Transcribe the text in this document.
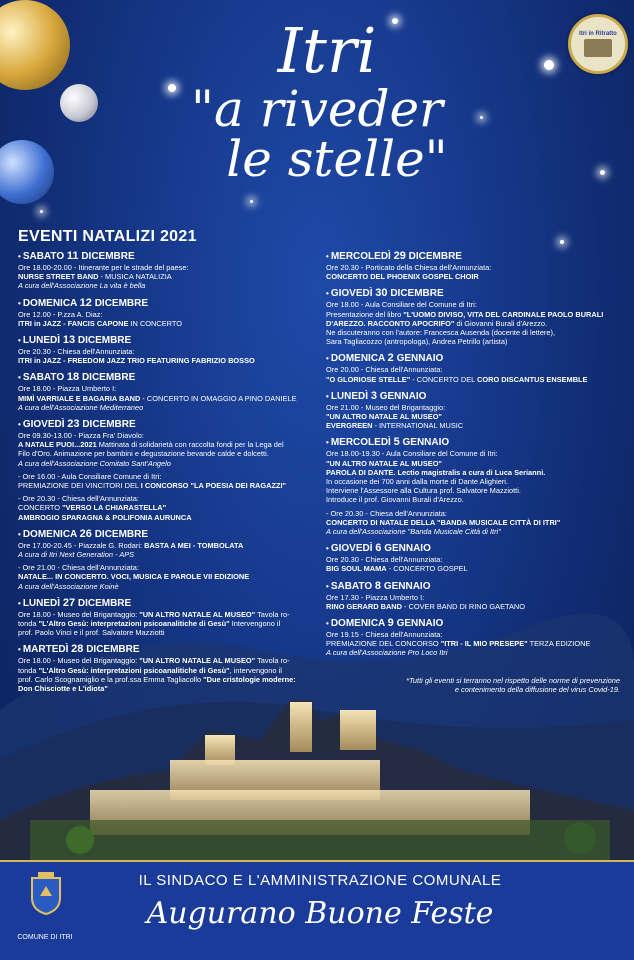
Itri in Ritratto
Itri
"a riveder
le stelle"
EVENTI NATALIZI 2021
• SABATO 11 DICEMBRE
Ore 18.00-20.00 - Itinerante per le strade del paese:
NURSE STREET BAND - MUSICA NATALIZIA
A cura dell'Associazione La vita è bella
• DOMENICA 12 DICEMBRE
Ore 12.00 - P.zza A. Diaz:
ITRI in JAZZ - FANCIS CAPONE IN CONCERTO
• LUNEDÌ 13 DICEMBRE
Ore 20.30 - Chiesa dell'Annunziata:
ITRI in JAZZ - FREEDOM JAZZ TRIO FEATURING FABRIZIO BOSSO
• SABATO 18 DICEMBRE
Ore 18.00 - Piazza Umberto I:
MIMÌ VARRIALE E BAGARIA BAND - CONCERTO IN OMAGGIO A PINO DANIELE
A cura dell'Associazione Mediterraneo
• GIOVEDÌ 23 DICEMBRE
Ore 09.30-13.00 - Piazza Fra' Diavolo:
A NATALE PUOI...2021 Mattinata di solidarietà con raccolta fondi per la Lega del
Filo d'Oro. Animazione per bambini e degustazione bevande calde e dolcetti.
A cura dell'Associazione Comitato Sant'Angelo
- Ore 16.00 - Aula Consiliare Comune di Itri:
PREMIAZIONE DEI VINCITORI DEL I CONCORSO "LA POESIA DEI RAGAZZI"
- Ore 20.30 - Chiesa dell'Annunziata:
CONCERTO "VERSO LA CHIARASTELLA"
AMBROGIO SPARAGNA & POLIFONIA AURUNCA
• DOMENICA 26 DICEMBRE
Ore 17.00-20.45 - Piazzale G. Rodari: BASTA A MEI - TOMBOLATA
A cura di Itri Next Generation - APS
- Ore 21.00 - Chiesa dell'Annunziata:
NATALE... IN CONCERTO. VOCI, MUSICA E PAROLE VII EDIZIONE
A cura dell'Associazione Koinè
• LUNEDÌ 27 DICEMBRE
Ore 18.00 - Museo del Brigantaggio: "UN ALTRO NATALE AL MUSEO" Tavola ro-
tonda "L'Altro Gesù: interpretazioni psicoanalitiche di Gesù" Intervengono il
prof. Paolo Vinci e il prof. Salvatore Mazziotti
• MARTEDÌ 28 DICEMBRE
Ore 18.00 - Museo del Brigantaggio: "UN ALTRO NATALE AL MUSEO" Tavola ro-
tonda "L'Altro Gesù: interpretazioni psicoanalitiche di Gesù", intervengono il
prof. Carlo Scognamiglio e la prof.ssa Emma Tagliacollo "Due cristologie moderne:
Don Chisciotte e L'idiota"
• MERCOLEDÌ 29 DICEMBRE
Ore 20.30 - Porticato della Chiesa dell'Annunziata:
CONCERTO DEL PHOENIX GOSPEL CHOIR
• GIOVEDÌ 30 DICEMBRE
Ore 18.00 - Aula Consiliare del Comune di Itri:
Presentazione del libro "L'UOMO DIVISO, VITA DEL CARDINALE PAOLO BURALI
D'AREZZO. RACCONTO APOCRIFO" di Giovanni Burali d'Arezzo.
Ne discuteranno con l'autore: Francesca Ausenda (docente di lettere),
Sara Tagliacozzo (antropologa), Andrea Petrillo (artista)
• DOMENICA 2 GENNAIO
Ore 20.00 - Chiesa dell'Annunziata:
"O GLORIOSE STELLE" - CONCERTO DEL CORO DISCANTUS ENSEMBLE
• LUNEDÌ 3 GENNAIO
Ore 21.00 - Museo del Brigantaggio:
"UN ALTRO NATALE AL MUSEO"
EVERGREEN - INTERNATIONAL MUSIC
• MERCOLEDÌ 5 GENNAIO
Ore 18.00-19.30 - Aula Consiliare del Comune di Itri:
"UN ALTRO NATALE AL MUSEO"
PAROLA DI DANTE. Lectio magistralis a cura di Luca Serianni.
In occasione dei 700 anni dalla morte di Dante Alighieri.
Interviene l'Assessore alla Cultura prof. Salvatore Mazziotti.
Introduce il prof. Giovanni Burali d'Arezzo.
- Ore 20.30 - Chiesa dell'Annunziata:
CONCERTO DI NATALE DELLA "BANDA MUSICALE CITTÀ DI ITRI"
A cura dell'Associazione "Banda Musicale Città di Itri"
• GIOVEDÌ 6 GENNAIO
Ore 20.30 - Chiesa dell'Annunziata:
BIG SOUL MAMA - CONCERTO GOSPEL
• SABATO 8 GENNAIO
Ore 17.30 - Piazza Umberto I:
RINO GERARD BAND - COVER BAND DI RINO GAETANO
• DOMENICA 9 GENNAIO
Ore 19.15 - Chiesa dell'Annunziata:
PREMIAZIONE DEL CONCORSO "ITRI - IL MIO PRESEPE" TERZA EDIZIONE
A cura dell'Associazione Pro Loco Itri
*Tutti gli eventi si terranno nel rispetto delle norme di prevenzione
e contenimento della diffusione del virus Covid-19.
COMUNE DI ITRI
IL SINDACO E L'AMMINISTRAZIONE COMUNALE
Augurano Buone Feste
